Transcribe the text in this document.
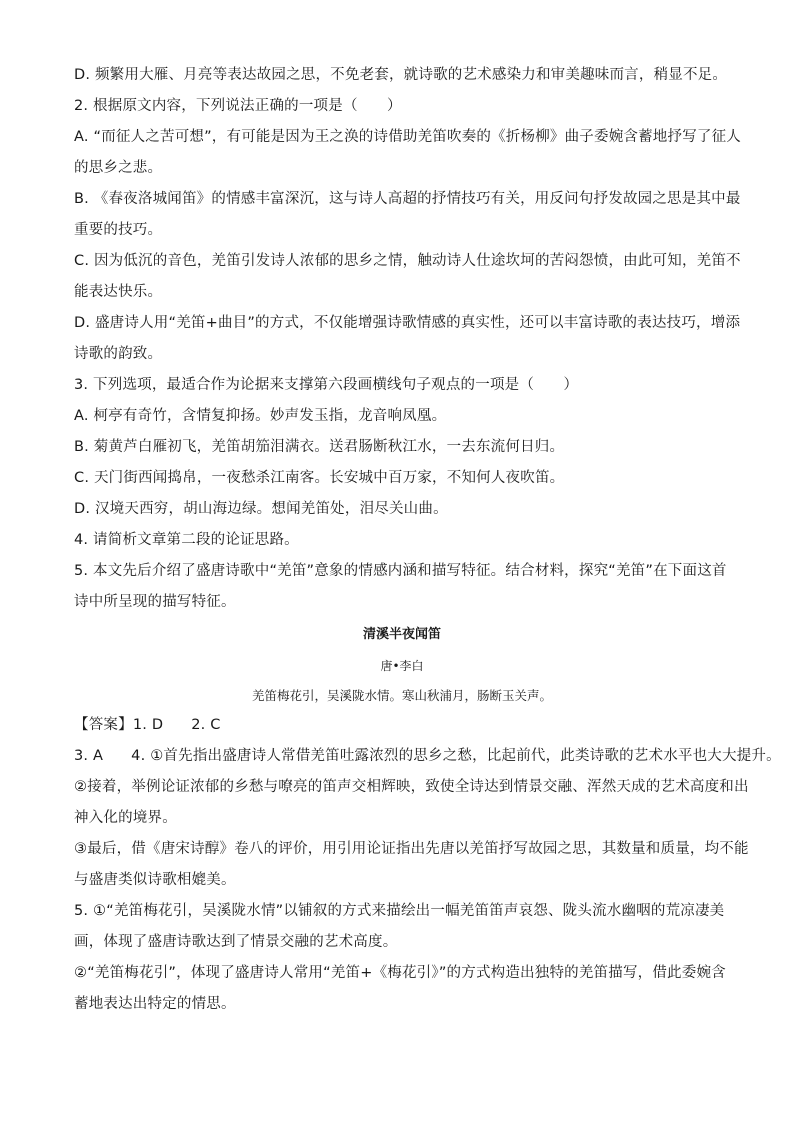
D. 频繁用大雁、月亮等表达故园之思，不免老套，就诗歌的艺术感染力和审美趣味而言，稍显不足。
2. 根据原文内容，下列说法正确的一项是（　　）
A. “而征人之苦可想”，有可能是因为王之涣的诗借助羌笛吹奏的《折杨柳》曲子委婉含蓄地抒写了征人
的思乡之悲。
B. 《春夜洛城闻笛》的情感丰富深沉，这与诗人高超的抒情技巧有关，用反问句抒发故园之思是其中最
重要的技巧。
C. 因为低沉的音色，羌笛引发诗人浓郁的思乡之情，触动诗人仕途坎坷的苦闷怨愤，由此可知，羌笛不
能表达快乐。
D. 盛唐诗人用“羌笛+曲目”的方式，不仅能增强诗歌情感的真实性，还可以丰富诗歌的表达技巧，增添
诗歌的韵致。
3. 下列选项，最适合作为论据来支撑第六段画横线句子观点的一项是（　　）
A. 柯亭有奇竹，含情复抑扬。妙声发玉指，龙音响凤凰。
B. 菊黄芦白雁初飞，羌笛胡笳泪满衣。送君肠断秋江水，一去东流何日归。
C. 天门街西闻捣帛，一夜愁杀江南客。长安城中百万家，不知何人夜吹笛。
D. 汉境天西穷，胡山海边绿。想闻羌笛处，泪尽关山曲。
4. 请简析文章第二段的论证思路。
5. 本文先后介绍了盛唐诗歌中“羌笛”意象的情感内涵和描写特征。结合材料，探究“羌笛”在下面这首
诗中所呈现的描写特征。
清溪半夜闻笛
唐•李白
羌笛梅花引，吴溪陇水情。寒山秋浦月，肠断玉关声。
【答案】1. D 2. C
3. A 4. ①首先指出盛唐诗人常借羌笛吐露浓烈的思乡之愁，比起前代，此类诗歌的艺术水平也大大提升。
②接着，举例论证浓郁的乡愁与嘹亮的笛声交相辉映，致使全诗达到情景交融、浑然天成的艺术高度和出
神入化的境界。
③最后，借《唐宋诗醇》卷八的评价，用引用论证指出先唐以羌笛抒写故园之思，其数量和质量，均不能
与盛唐类似诗歌相媲美。
5. ①“羌笛梅花引，吴溪陇水情”以铺叙的方式来描绘出一幅羌笛笛声哀怨、陇头流水幽咽的荒凉凄美
画，体现了盛唐诗歌达到了情景交融的艺术高度。
②“羌笛梅花引”，体现了盛唐诗人常用“羌笛+《梅花引》”的方式构造出独特的羌笛描写，借此委婉含
蓄地表达出特定的情思。
